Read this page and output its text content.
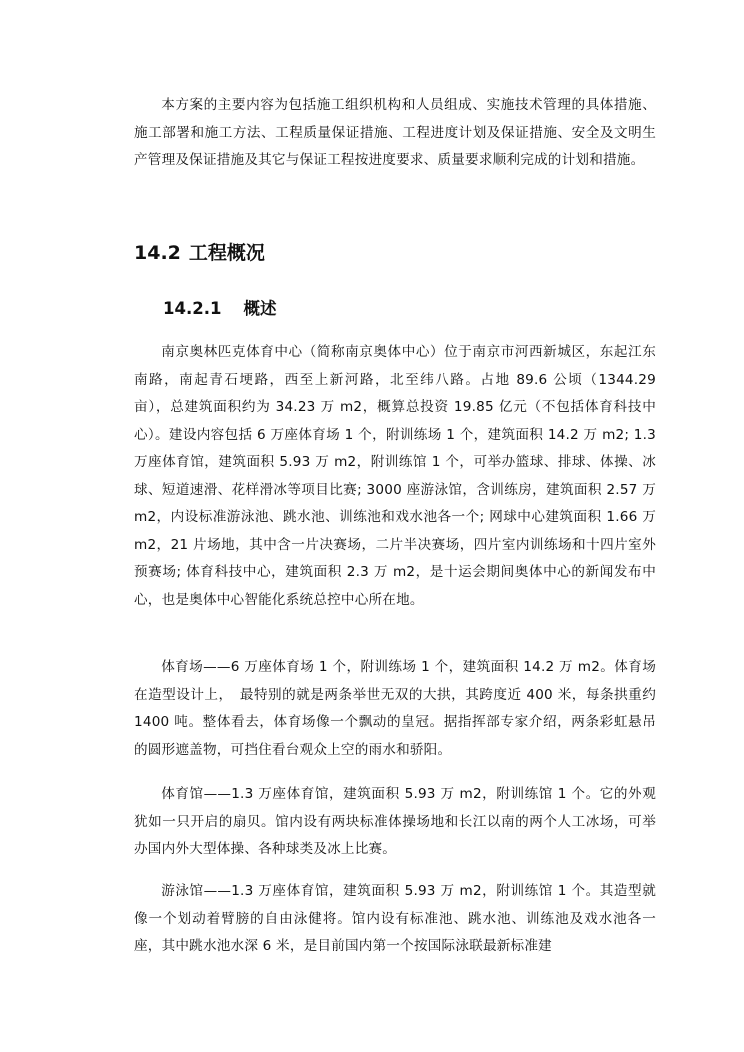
本方案的主要内容为包括施工组织机构和人员组成、实施技术管理的具体措施、施工部署和施工方法、工程质量保证措施、工程进度计划及保证措施、安全及文明生产管理及保证措施及其它与保证工程按进度要求、质量要求顺利完成的计划和措施。

14.2 工程概况
14.2.1 概述

南京奥林匹克体育中心（简称南京奥体中心）位于南京市河西新城区，东起江东南路，南起青石埂路，西至上新河路，北至纬八路。占地 89.6 公顷（1344.29 亩），总建筑面积约为 34.23 万 m2，概算总投资 19.85 亿元（不包括体育科技中心）。建设内容包括 6 万座体育场 1 个，附训练场 1 个，建筑面积 14.2 万 m2; 1.3 万座体育馆，建筑面积 5.93 万 m2，附训练馆 1 个，可举办篮球、排球、体操、冰球、短道速滑、花样滑冰等项目比赛; 3000 座游泳馆，含训练房，建筑面积 2.57 万 m2，内设标准游泳池、跳水池、训练池和戏水池各一个; 网球中心建筑面积 1.66 万 m2，21 片场地，其中含一片决赛场，二片半决赛场，四片室内训练场和十四片室外预赛场; 体育科技中心，建筑面积 2.3 万 m2，是十运会期间奥体中心的新闻发布中心，也是奥体中心智能化系统总控中心所在地。

体育场——6 万座体育场 1 个，附训练场 1 个，建筑面积 14.2 万 m2。体育场在造型设计上，　最特别的就是两条举世无双的大拱，其跨度近 400 米，每条拱重约 1400 吨。整体看去，体育场像一个飘动的皇冠。据指挥部专家介绍，两条彩虹悬吊的圆形遮盖物，可挡住看台观众上空的雨水和骄阳。

体育馆——1.3 万座体育馆，建筑面积 5.93 万 m2，附训练馆 1 个。它的外观犹如一只开启的扇贝。馆内设有两块标准体操场地和长江以南的两个人工冰场，可举办国内外大型体操、各种球类及冰上比赛。

游泳馆——1.3 万座体育馆，建筑面积 5.93 万 m2，附训练馆 1 个。其造型就像一个划动着臂膀的自由泳健将。馆内设有标准池、跳水池、训练池及戏水池各一座，其中跳水池水深 6 米，是目前国内第一个按国际泳联最新标准建
